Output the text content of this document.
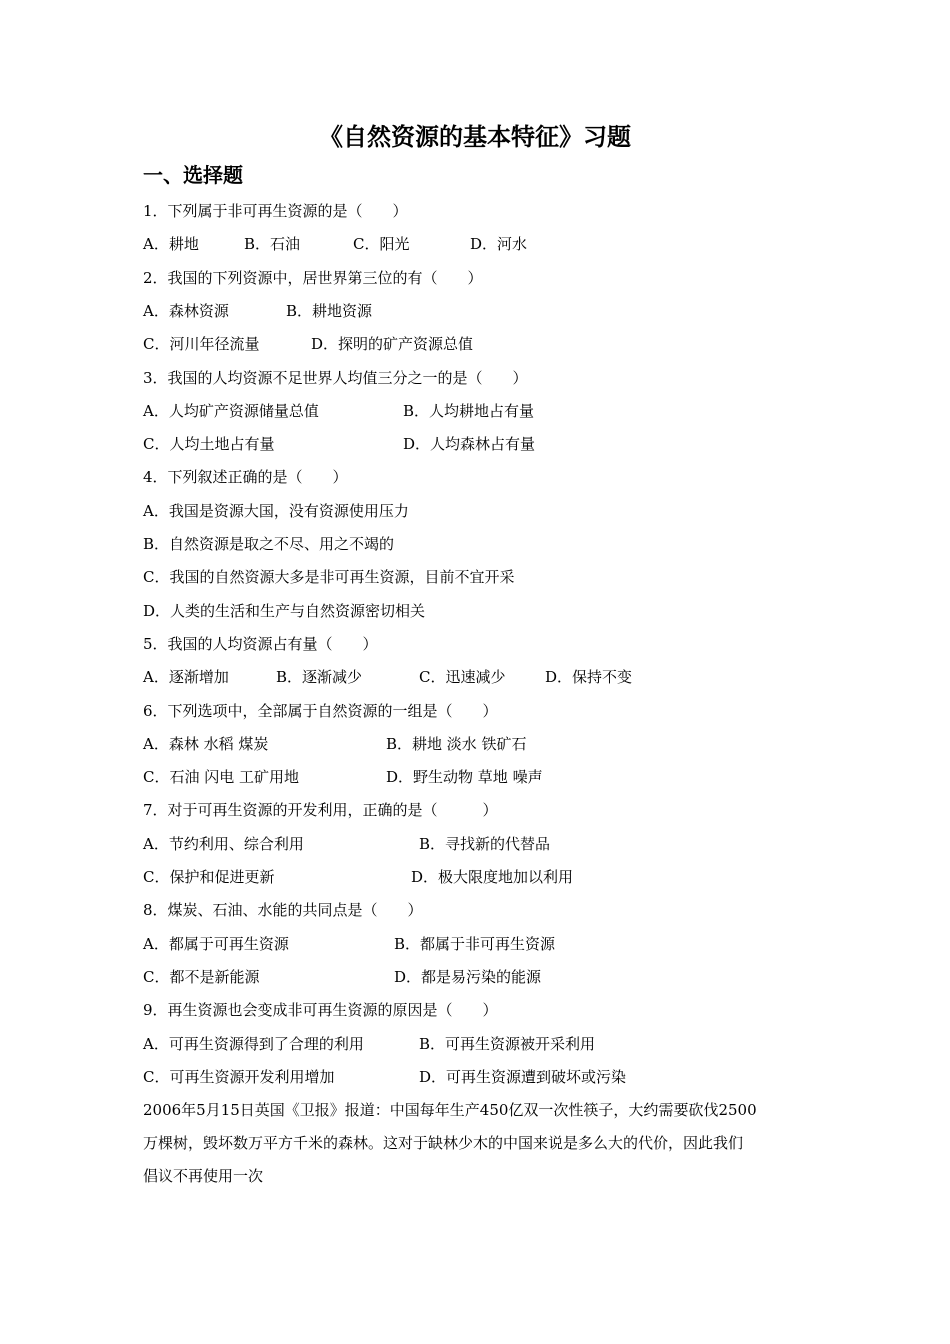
《自然资源的基本特征》习题
一、选择题
1．下列属于非可再生资源的是（　　）
A．耕地	B．石油	C．阳光	D．河水
2．我国的下列资源中，居世界第三位的有（　　）
A．森林资源	B．耕地资源
C．河川年径流量	D．探明的矿产资源总值
3．我国的人均资源不足世界人均值三分之一的是（　　）
A．人均矿产资源储量总值	B．人均耕地占有量
C．人均土地占有量	D．人均森林占有量
4．下列叙述正确的是（　　）
A．我国是资源大国，没有资源使用压力
B．自然资源是取之不尽、用之不竭的
C．我国的自然资源大多是非可再生资源，目前不宜开采
D．人类的生活和生产与自然资源密切相关
5．我国的人均资源占有量（　　）
A．逐渐增加	B．逐渐减少	C．迅速减少	D．保持不变
6．下列选项中，全部属于自然资源的一组是（　　）
A．森林 水稻 煤炭	B．耕地 淡水 铁矿石
C．石油 闪电 工矿用地	D．野生动物 草地 噪声
7．对于可再生资源的开发利用，正确的是（　　　）
A．节约利用、综合利用	B．寻找新的代替品
C．保护和促进更新	D．极大限度地加以利用
8．煤炭、石油、水能的共同点是（　　）
A．都属于可再生资源	B．都属于非可再生资源
C．都不是新能源	D．都是易污染的能源
9．再生资源也会变成非可再生资源的原因是（　　）
A．可再生资源得到了合理的利用	B．可再生资源被开采利用
C．可再生资源开发利用增加	D．可再生资源遭到破坏或污染
2006年5月15日英国《卫报》报道：中国每年生产450亿双一次性筷子，大约需要砍伐2500
万棵树，毁坏数万平方千米的森林。这对于缺林少木的中国来说是多么大的代价，因此我们
倡议不再使用一次
